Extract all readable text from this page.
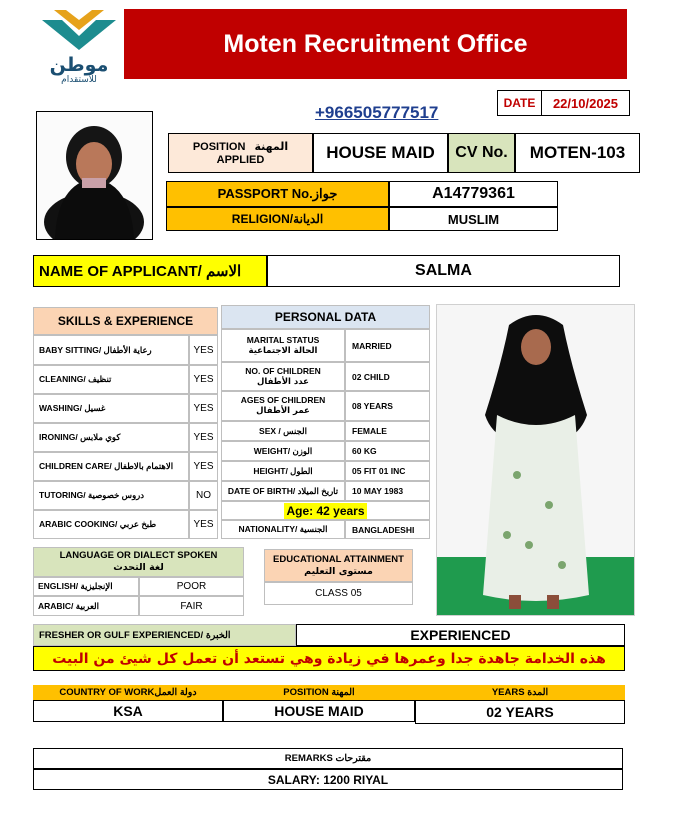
موطن
للاستقدام
Moten Recruitment Office
+966505777517	DATE	22/10/2025
POSITION المهنة
APPLIED	HOUSE MAID	CV No.	MOTEN-103
PASSPORT No.جواز	A14779361
RELIGION/الديانة	MUSLIM
NAME OF APPLICANT/ الاسم	SALMA
SKILLS & EXPERIENCE
BABY SITTING/ رعاية الأطفال	YES
CLEANING/ تنظيف	YES
WASHING/ غسيل	YES
IRONING/ كوي ملابس	YES
CHILDREN CARE/ الاهتمام بالاطفال	YES
TUTORING/ دروس خصوصية	NO
ARABIC COOKING/ طبخ عربي	YES
PERSONAL DATA
MARITAL STATUS
الحالة الاجتماعية	MARRIED
NO. OF CHILDREN
عدد الأطفال	02 CHILD
AGES OF CHILDREN
عمر الأطفال	08 YEARS
SEX / الجنس	FEMALE
WEIGHT/ الوزن	60 KG
HEIGHT/ الطول	05 FIT 01 INC
DATE OF BIRTH/ تاريخ الميلاد	10 MAY 1983
Age: 42 years
NATIONALITY/ الجنسية	BANGLADESHI
LANGUAGE OR DIALECT SPOKEN
لغة التحدث
ENGLISH/ الإنجليزية	POOR
ARABIC/ العربية	FAIR
EDUCATIONAL ATTAINMENT
مستوى التعليم
CLASS 05
FRESHER OR GULF EXPERIENCED/ الخبرة	EXPERIENCED
هذه الخدامة جاهدة جدا وعمرها في زيادة وهي تستعد أن تعمل كل شيئ من البيت
COUNTRY OF WORKدولة العمل	POSITION المهنة	YEARS المدة
KSA	HOUSE MAID	02 YEARS
REMARKS مقترحات
SALARY: 1200 RIYAL
